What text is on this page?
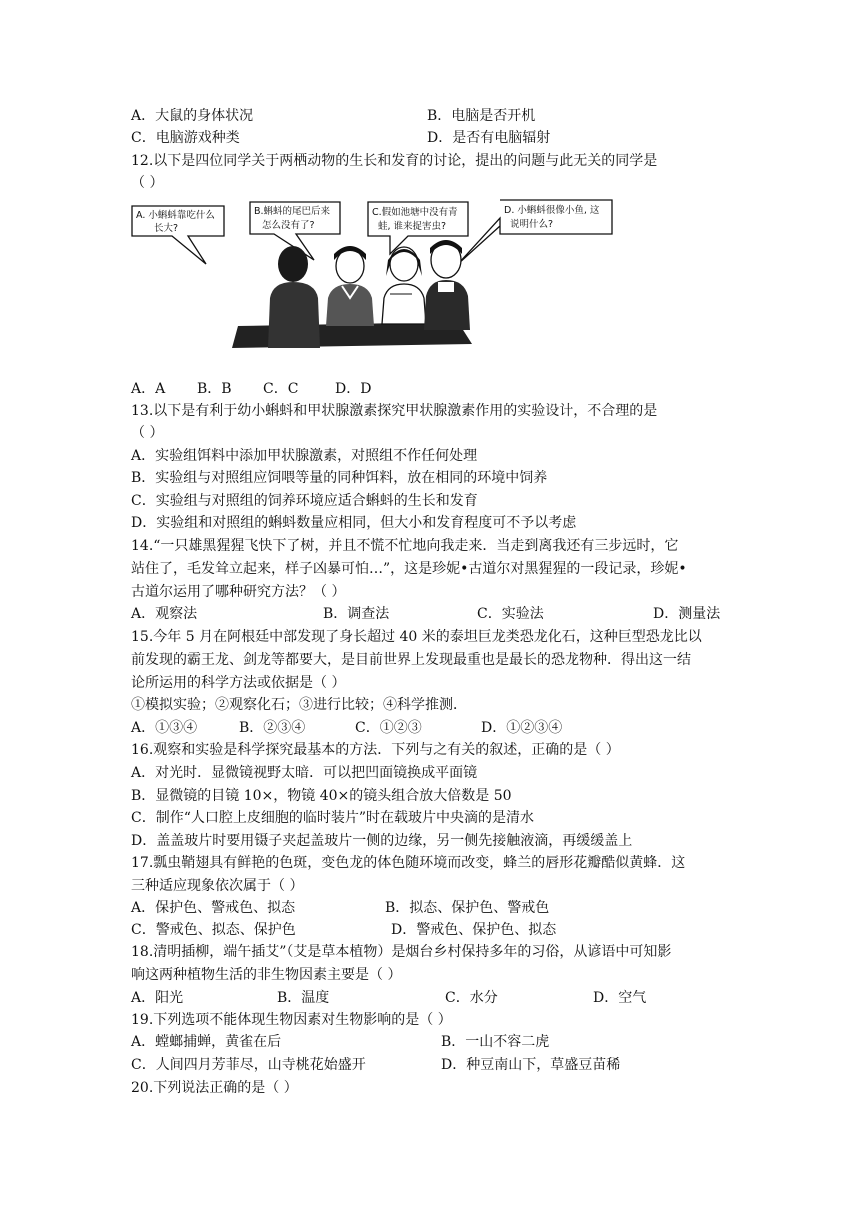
A．大鼠的身体状况	B．电脑是否开机
C．电脑游戏种类	D．是否有电脑辐射
12.以下是四位同学关于两栖动物的生长和发育的讨论，提出的问题与此无关的同学是
（ ）
A. 小蝌蚪靠吃什么
长大?
B.蝌蚪的尾巴后来
怎么没有了?
C.假如池塘中没有青
蛙, 谁来捉害虫?
D. 小蝌蚪很像小鱼, 这
说明什么?
A．A B．B C．C	D．D
13.以下是有利于幼小蝌蚪和甲状腺激素探究甲状腺激素作用的实验设计，不合理的是
（ ）
A．实验组饵料中添加甲状腺激素，对照组不作任何处理
B．实验组与对照组应饲喂等量的同种饵料，放在相同的环境中饲养
C．实验组与对照组的饲养环境应适合蝌蚪的生长和发育
D．实验组和对照组的蝌蚪数量应相同，但大小和发育程度可不予以考虑
14.“一只雄黑猩猩飞快下了树，并且不慌不忙地向我走来．当走到离我还有三步远时，它
站住了，毛发耸立起来，样子凶暴可怕…”，这是珍妮•古道尔对黑猩猩的一段记录，珍妮•
古道尔运用了哪种研究方法？（ ）
A．观察法	B．调查法	C．实验法	D．测量法
15.今年 5 月在阿根廷中部发现了身长超过 40 米的泰坦巨龙类恐龙化石，这种巨型恐龙比以
前发现的霸王龙、剑龙等都要大，是目前世界上发现最重也是最长的恐龙物种．得出这一结
论所运用的科学方法或依据是（ ）
①模拟实验；②观察化石；③进行比较；④科学推测．
A．①③④	B．②③④	C．①②③	D．①②③④
16.观察和实验是科学探究最基本的方法．下列与之有关的叙述，正确的是（ ）
A．对光时．显微镜视野太暗．可以把凹面镜换成平面镜
B．显微镜的目镜 10×，物镜 40×的镜头组合放大倍数是 50
C．制作“人口腔上皮细胞的临时装片”时在载玻片中央滴的是清水
D．盖盖玻片时要用镊子夹起盖玻片一侧的边缘，另一侧先接触液滴，再缓缓盖上
17.瓢虫鞘翅具有鲜艳的色斑，变色龙的体色随环境而改变，蜂兰的唇形花瓣酷似黄蜂．这
三种适应现象依次属于（ ）
A．保护色、警戒色、拟态	B．拟态、保护色、警戒色
C．警戒色、拟态、保护色	D．警戒色、保护色、拟态
18.清明插柳，端午插艾”（艾是草本植物）是烟台乡村保持多年的习俗，从谚语中可知影
响这两种植物生活的非生物因素主要是（ ）
A．阳光	B．温度	C．水分	D．空气
19.下列选项不能体现生物因素对生物影响的是（ ）
A．螳螂捕蝉，黄雀在后	B．一山不容二虎
C．人间四月芳菲尽，山寺桃花始盛开	D．种豆南山下，草盛豆苗稀
20.下列说法正确的是（ ）
